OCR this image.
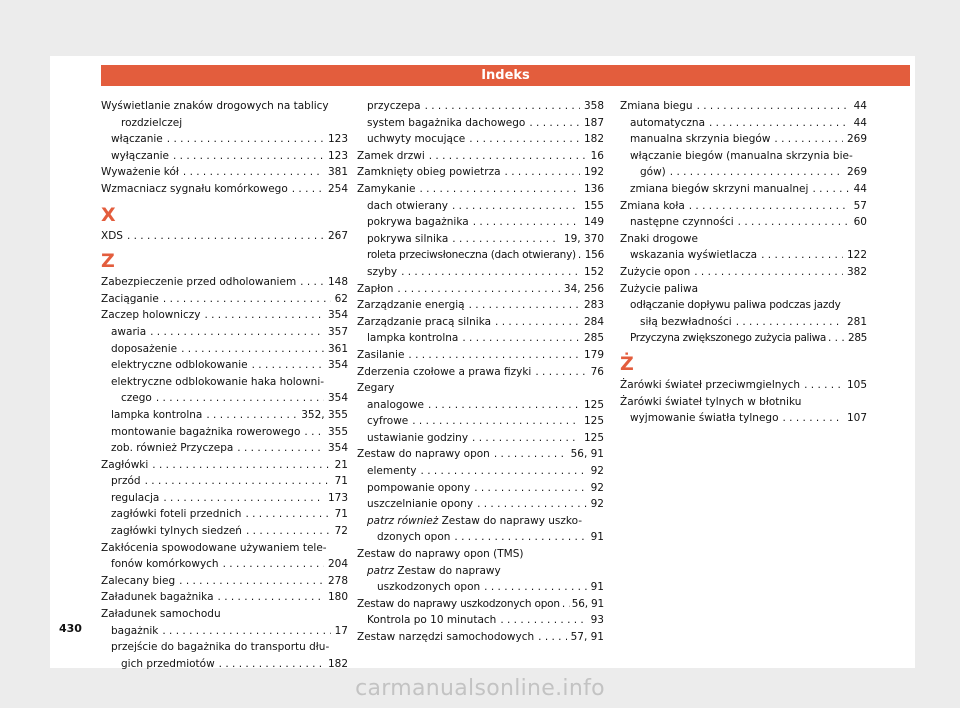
Indeks
Wyświetlanie znaków drogowych na tablicy
rozdzielczej
włączanie . . .	123
wyłączanie . . .	123
Wyważenie kół . . .	381
Wzmacniacz sygnału komórkowego . . .	254
X
XDS . . .	267
Z
Zabezpieczenie przed odholowaniem . . .	148
Zaciąganie . . .	62
Zaczep holowniczy . . .	354
awaria . . .	357
doposażenie . . .	361
elektryczne odblokowanie . . .	354
elektryczne odblokowanie haka holowni-
czego . . .	354
lampka kontrolna . . .	352, 355
montowanie bagażnika rowerowego . . .	355
zob. również Przyczepa . . .	354
Zagłówki . . .	21
przód . . .	71
regulacja . . .	173
zagłówki foteli przednich . . .	71
zagłówki tylnych siedzeń . . .	72
Zakłócenia spowodowane używaniem tele-
fonów komórkowych . . .	204
Zalecany bieg . . .	278
Załadunek bagażnika . . .	180
Załadunek samochodu
bagażnik . . .	17
przejście do bagażnika do transportu dłu-
gich przedmiotów . . .	182
przyczepa . . .	358
system bagażnika dachowego . . .	187
uchwyty mocujące . . .	182
Zamek drzwi . . .	16
Zamknięty obieg powietrza . . .	192
Zamykanie . . .	136
dach otwierany . . .	155
pokrywa bagażnika . . .	149
pokrywa silnika . . .	19, 370
roleta przeciwsłoneczna (dach otwierany) . . . 156
szyby . . .	152
Zapłon . . .	34, 256
Zarządzanie energią . . .	283
Zarządzanie pracą silnika . . .	284
lampka kontrolna . . .	285
Zasilanie . . .	179
Zderzenia czołowe a prawa fizyki . . .	76
Zegary
analogowe . . .	125
cyfrowe . . .	125
ustawianie godziny . . .	125
Zestaw do naprawy opon . . .	56, 91
elementy . . .	92
pompowanie opony . . .	92
uszczelnianie opony . . .	92
patrz również Zestaw do naprawy uszko-
dzonych opon . . .	91
Zestaw do naprawy opon (TMS)
patrz Zestaw do naprawy
uszkodzonych opon . . .	91
Zestaw do naprawy uszkodzonych opon . . . 56, 91
Kontrola po 10 minutach . . .	93
Zestaw narzędzi samochodowych . . .	57, 91
Zmiana biegu . . .	44
automatyczna . . .	44
manualna skrzynia biegów . . .	269
włączanie biegów (manualna skrzynia bie-
gów) . . .	269
zmiana biegów skrzyni manualnej . . .	44
Zmiana koła . . .	57
następne czynności . . .	60
Znaki drogowe
wskazania wyświetlacza . . .	122
Zużycie opon . . .	382
Zużycie paliwa
odłączanie dopływu paliwa podczas jazdy
siłą bezwładności . . .	281
Przyczyna zwiększonego zużycia paliwa . . . 285
Ż
Żarówki świateł przeciwmgielnych . . .	105
Żarówki świateł tylnych w błotniku
wyjmowanie światła tylnego . . .	107
430
carmanualsonline.info
